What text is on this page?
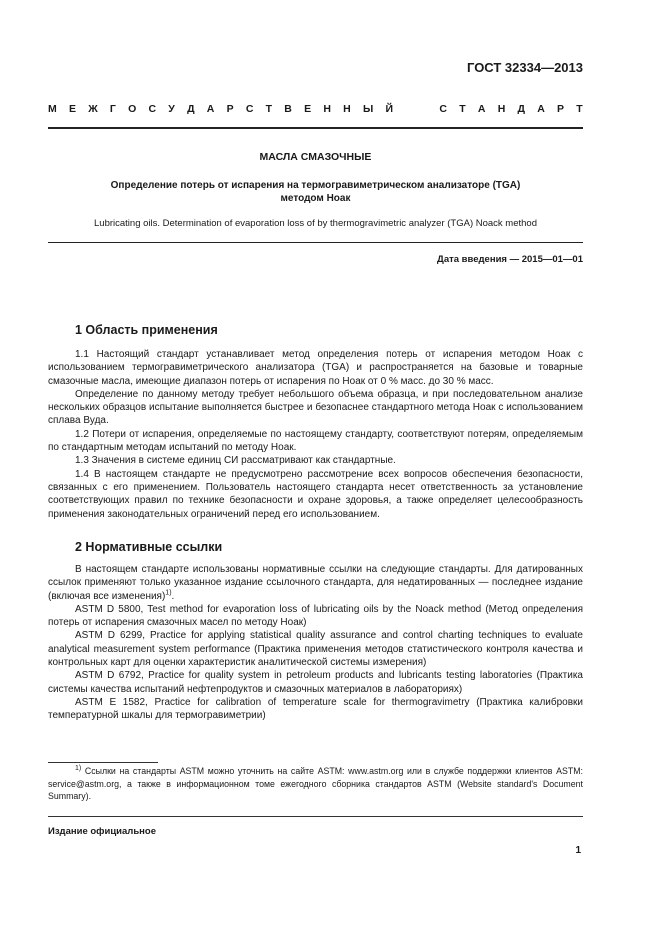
ГОСТ 32334—2013
М Е Ж Г О С У Д А Р С Т В Е Н Н Ы Й	С Т А Н Д А Р Т
МАСЛА СМАЗОЧНЫЕ
Определение потерь от испарения на термогравиметрическом анализаторе (TGA)
методом Ноак
Lubricating oils. Determination of evaporation loss of by thermogravimetric analyzer (TGA) Noack method
Дата введения — 2015—01—01
1 Область применения

1.1 Настоящий стандарт устанавливает метод определения потерь от испарения методом Ноак с использованием термогравиметрического анализатора (TGA) и распространяется на базовые и товарные смазочные масла, имеющие диапазон потерь от испарения по Ноак от 0 % масс. до 30 % масс.

Определение по данному методу требует небольшого объема образца, и при последовательном анализе нескольких образцов испытание выполняется быстрее и безопаснее стандартного метода Ноак с использованием сплава Вуда.

1.2 Потери от испарения, определяемые по настоящему стандарту, соответствуют потерям, определяемым по стандартным методам испытаний по методу Ноак.

1.3 Значения в системе единиц СИ рассматривают как стандартные.

1.4 В настоящем стандарте не предусмотрено рассмотрение всех вопросов обеспечения безопасности, связанных с его применением. Пользователь настоящего стандарта несет ответственность за установление соответствующих правил по технике безопасности и охране здоровья, а также определяет целесообразность применения законодательных ограничений перед его использованием.

2 Нормативные ссылки

В настоящем стандарте использованы нормативные ссылки на следующие стандарты. Для датированных ссылок применяют только указанное издание ссылочного стандарта, для недатированных — последнее издание (включая все изменения)$^{1)}$.

ASTM D 5800, Test method for evaporation loss of lubricating oils by the Noack method (Метод определения потерь от испарения смазочных масел по методу Ноак)

ASTM D 6299, Practice for applying statistical quality assurance and control charting techniques to evaluate analytical measurement system performance (Практика применения методов статистического контроля качества и контрольных карт для оценки характеристик аналитической системы измерения)

ASTM D 6792, Practice for quality system in petroleum products and lubricants testing laboratories (Практика системы качества испытаний нефтепродуктов и смазочных материалов в лабораториях)

ASTM E 1582, Practice for calibration of temperature scale for thermogravimetry (Практика калибровки температурной шкалы для термогравиметрии)

$^{1)}$ Ссылки на стандарты ASTM можно уточнить на сайте ASTM: www.astm.org или в службе поддержки клиентов ASTM: service@astm.org, а также в информационном томе ежегодного сборника стандартов ASTM (Website standard's Document Summary).

Издание официальное
1
